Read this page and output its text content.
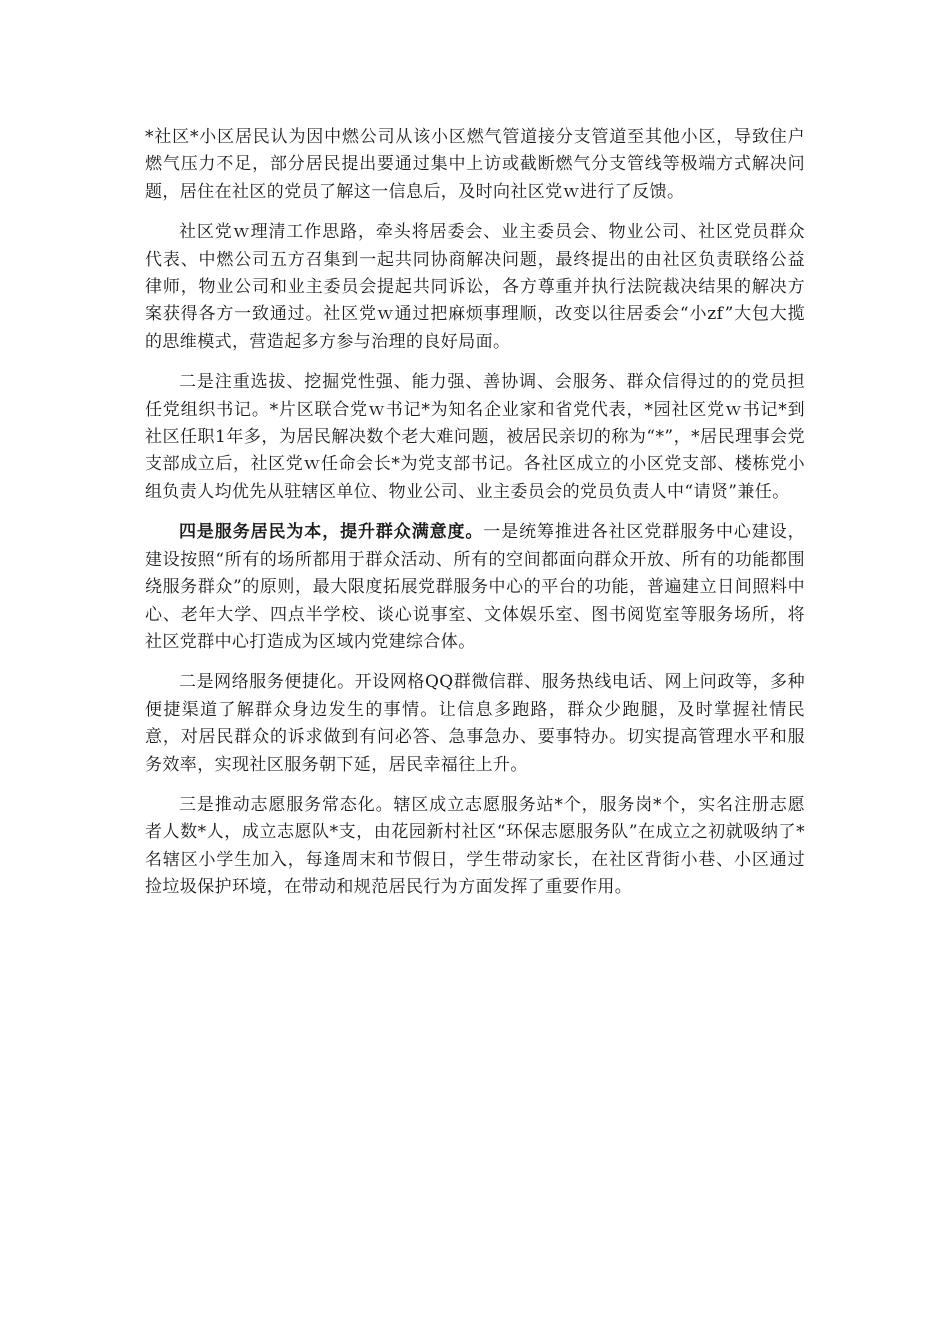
*社区*小区居民认为因中燃公司从该小区燃气管道接分支管道至其他小区，导致住户燃气压力不足，部分居民提出要通过集中上访或截断燃气分支管线等极端方式解决问题，居住在社区的党员了解这一信息后，及时向社区党ｗ进行了反馈。

社区党ｗ理清工作思路，牵头将居委会、业主委员会、物业公司、社区党员群众代表、中燃公司五方召集到一起共同协商解决问题，最终提出的由社区负责联络公益律师，物业公司和业主委员会提起共同诉讼，各方尊重并执行法院裁决结果的解决方案获得各方一致通过。社区党ｗ通过把麻烦事理顺，改变以往居委会“小zf”大包大揽的思维模式，营造起多方参与治理的良好局面。

二是注重选拔、挖掘党性强、能力强、善协调、会服务、群众信得过的的党员担任党组织书记。*片区联合党ｗ书记*为知名企业家和省党代表，*园社区党ｗ书记*到社区任职1年多，为居民解决数个老大难问题，被居民亲切的称为“*”，*居民理事会党支部成立后，社区党ｗ任命会长*为党支部书记。各社区成立的小区党支部、楼栋党小组负责人均优先从驻辖区单位、物业公司、业主委员会的党员负责人中“请贤”兼任。

四是服务居民为本，提升群众满意度。一是统筹推进各社区党群服务中心建设，建设按照“所有的场所都用于群众活动、所有的空间都面向群众开放、所有的功能都围绕服务群众”的原则，最大限度拓展党群服务中心的平台的功能，普遍建立日间照料中心、老年大学、四点半学校、谈心说事室、文体娱乐室、图书阅览室等服务场所，将社区党群中心打造成为区域内党建综合体。

二是网络服务便捷化。开设网格QQ群微信群、服务热线电话、网上问政等，多种便捷渠道了解群众身边发生的事情。让信息多跑路，群众少跑腿，及时掌握社情民意，对居民群众的诉求做到有问必答、急事急办、要事特办。切实提高管理水平和服务效率，实现社区服务朝下延，居民幸福往上升。

三是推动志愿服务常态化。辖区成立志愿服务站*个，服务岗*个，实名注册志愿者人数*人，成立志愿队*支，由花园新村社区“环保志愿服务队”在成立之初就吸纳了*名辖区小学生加入，每逢周末和节假日，学生带动家长，在社区背街小巷、小区通过捡垃圾保护环境，在带动和规范居民行为方面发挥了重要作用。
